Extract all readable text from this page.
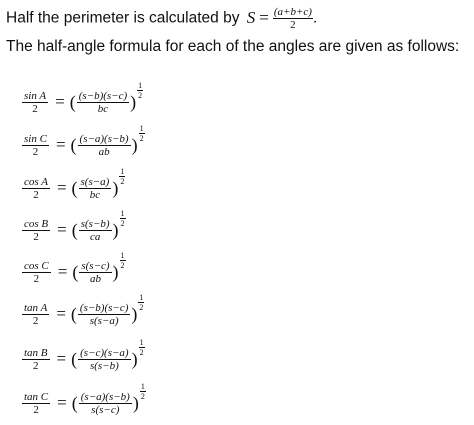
Half the perimeter is calculated by $S = \frac{(a+b+c)}{2}$ .
The half-angle formula for each of the angles are given as follows:
$\frac{\text{sin A}}{2}$ = ( $\frac{(s-b)(s-c)}{bc}$ )
$\frac{1}{2}$
$\frac{\text{sin C}}{2}$ = ( $\frac{(s-a)(s-b)}{ab}$ )
$\frac{1}{2}$
$\frac{\text{cos A}}{2}$ = ( $\frac{s(s-a)}{bc}$ )
$\frac{1}{2}$
$\frac{\text{cos B}}{2}$ = ( $\frac{s(s-b)}{ca}$ )
$\frac{1}{2}$
$\frac{\text{cos C}}{2}$ = ( $\frac{s(s-c)}{ab}$ )
$\frac{1}{2}$
$\frac{\text{tan A}}{2}$ = ( $\frac{(s-b)(s-c)}{s(s-a)}$ )
$\frac{1}{2}$
$\frac{\text{tan B}}{2}$ = ( $\frac{(s-c)(s-a)}{s(s-b)}$ )
$\frac{1}{2}$
$\frac{\text{tan C}}{2}$ = ( $\frac{(s-a)(s-b)}{s(s-c)}$ )
$\frac{1}{2}$
